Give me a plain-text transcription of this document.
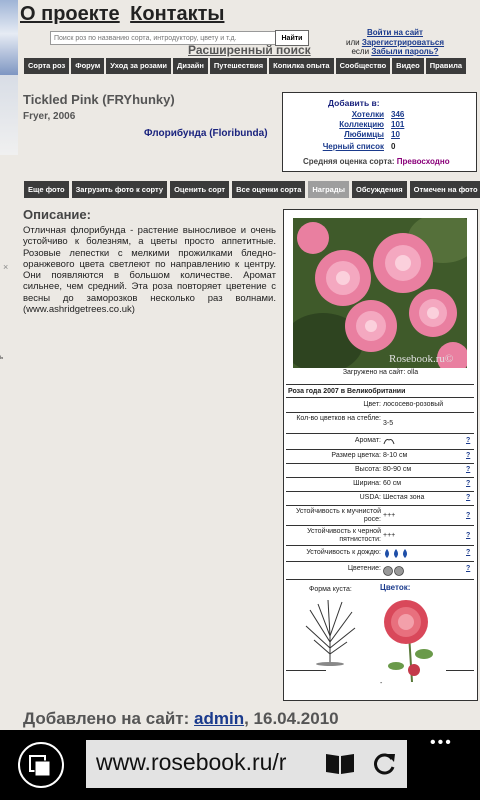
О проекте Контакты
Поиск роз по названию сорта, интродуктору, цвету и т.д.
Найти
Расширенный поиск
Войти на сайт
или Зарегистрироваться
если Забыли пароль?
Сорта роз	Форум	Уход за розами	Дизайн	Путешествия	Копилка опыта	Сообщество	Видео	Правила
Tickled Pink (FRYhunky)
Fryer, 2006
Флорибунда (Floribunda)
Добавить в:
Хотелки 346
Коллекцию 101
Любимцы 10
Черный список 0
Средняя оценка сорта: Превосходно
Еще фото	Загрузить фото к сорту	Оценить сорт	Все оценки сорта	Награды	Обсуждения	Отмечен на фото
Описание:
Отличная флорибунда - растение выносливое и очень устойчиво к болезням, а цветы просто аппетитные. Розовые лепестки с мелкими прожилками бледно-оранжевого цвета светлеют по направлению к центру. Они появляются в большом количестве. Аромат сильнее, чем средний. Эта роза повторяет цветение с весны до заморозков несколько раз волнами. (www.ashridgetrees.co.uk)
×
ь	Rosebook.ru©
Загружено на сайт: olla
Роза года 2007 в Великобритании
Цвет: лососево-розовый
Кол-во цветков на стебле:
3-5
Аромат:	?
Размер цветка: 8-10 см	?
Высота: 80-90 см	?
Ширина: 60 см	?
USDA: Шестая зона	?
Устойчивость к мучнистой росе:
+++	?
Устойчивость к черной пятнистости:
+++	?
Устойчивость к дождю:	?
Цветение:	?
Форма куста:	Цветок:
-
Добавлено на сайт: admin, 16.04.2010
www.rosebook.ru/r
•••
